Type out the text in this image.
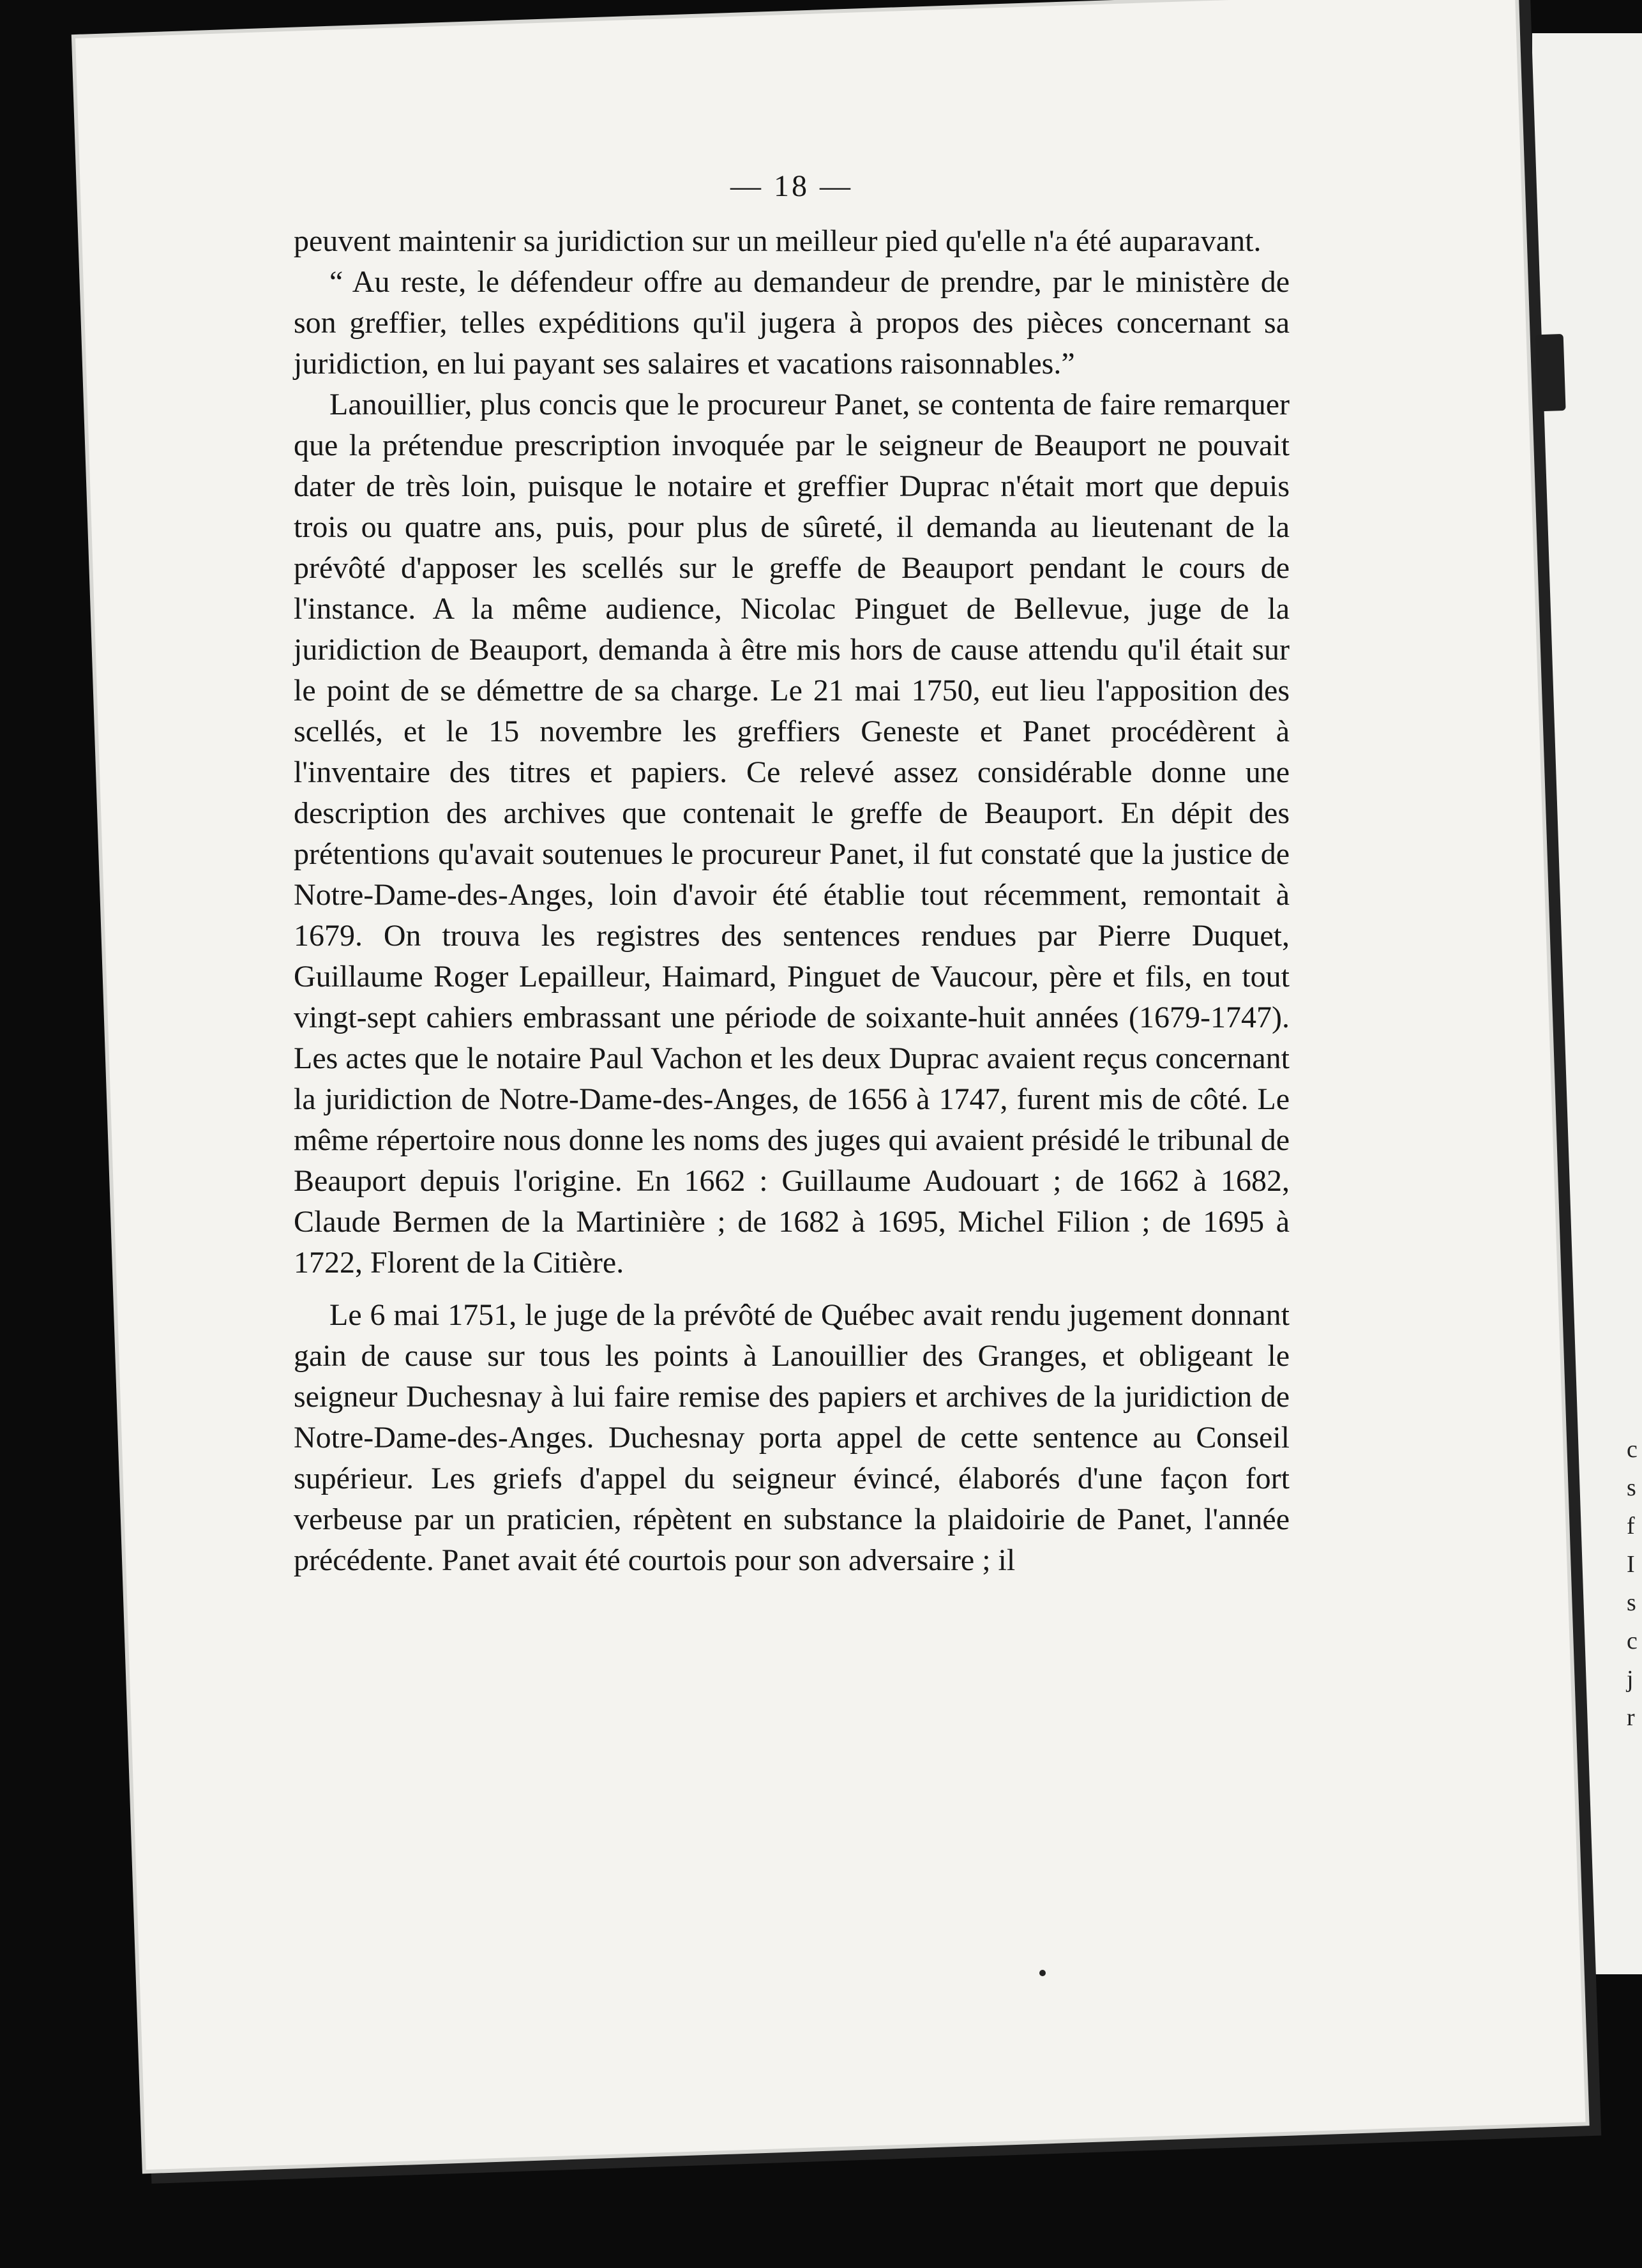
— 18 —

peuvent maintenir sa juridiction sur un meilleur pied qu'elle n'a été auparavant.

“ Au reste, le défendeur offre au demandeur de prendre, par le ministère de son greffier, telles expéditions qu'il jugera à propos des pièces concernant sa juridiction, en lui payant ses salaires et vacations raisonnables.”

Lanouillier, plus concis que le procureur Panet, se contenta de faire remarquer que la prétendue prescription invoquée par le seigneur de Beauport ne pouvait dater de très loin, puisque le notaire et greffier Duprac n'était mort que depuis trois ou quatre ans, puis, pour plus de sûreté, il demanda au lieutenant de la prévôté d'apposer les scellés sur le greffe de Beauport pendant le cours de l'instance. A la même audience, Nicolac Pinguet de Bellevue, juge de la juridiction de Beauport, demanda à être mis hors de cause attendu qu'il était sur le point de se démettre de sa charge. Le 21 mai 1750, eut lieu l'apposition des scellés, et le 15 novembre les greffiers Geneste et Panet procédèrent à l'inventaire des titres et papiers. Ce relevé assez considérable donne une description des archives que contenait le greffe de Beauport. En dépit des prétentions qu'avait soutenues le procureur Panet, il fut constaté que la justice de Notre-Dame-des-Anges, loin d'avoir été établie tout récemment, remontait à 1679. On trouva les registres des sentences rendues par Pierre Duquet, Guillaume Roger Lepailleur, Haimard, Pinguet de Vaucour, père et fils, en tout vingt-sept cahiers embrassant une période de soixante-huit années (1679-1747). Les actes que le notaire Paul Vachon et les deux Duprac avaient reçus concernant la juridiction de Notre-Dame-des-Anges, de 1656 à 1747, furent mis de côté. Le même répertoire nous donne les noms des juges qui avaient présidé le tribunal de Beauport depuis l'origine. En 1662 : Guillaume Audouart ; de 1662 à 1682, Claude Bermen de la Martinière ; de 1682 à 1695, Michel Filion ; de 1695 à 1722, Florent de la Citière.

Le 6 mai 1751, le juge de la prévôté de Québec avait rendu jugement donnant gain de cause sur tous les points à Lanouillier des Granges, et obligeant le seigneur Duchesnay à lui faire remise des papiers et archives de la juridiction de Notre-Dame-des-Anges. Duchesnay porta appel de cette sentence au Conseil supérieur. Les griefs d'appel du seigneur évincé, élaborés d'une façon fort verbeuse par un praticien, répètent en substance la plaidoirie de Panet, l'année précédente. Panet avait été courtois pour son adversaire ; il

c
s
f
I
s
c
j
r
